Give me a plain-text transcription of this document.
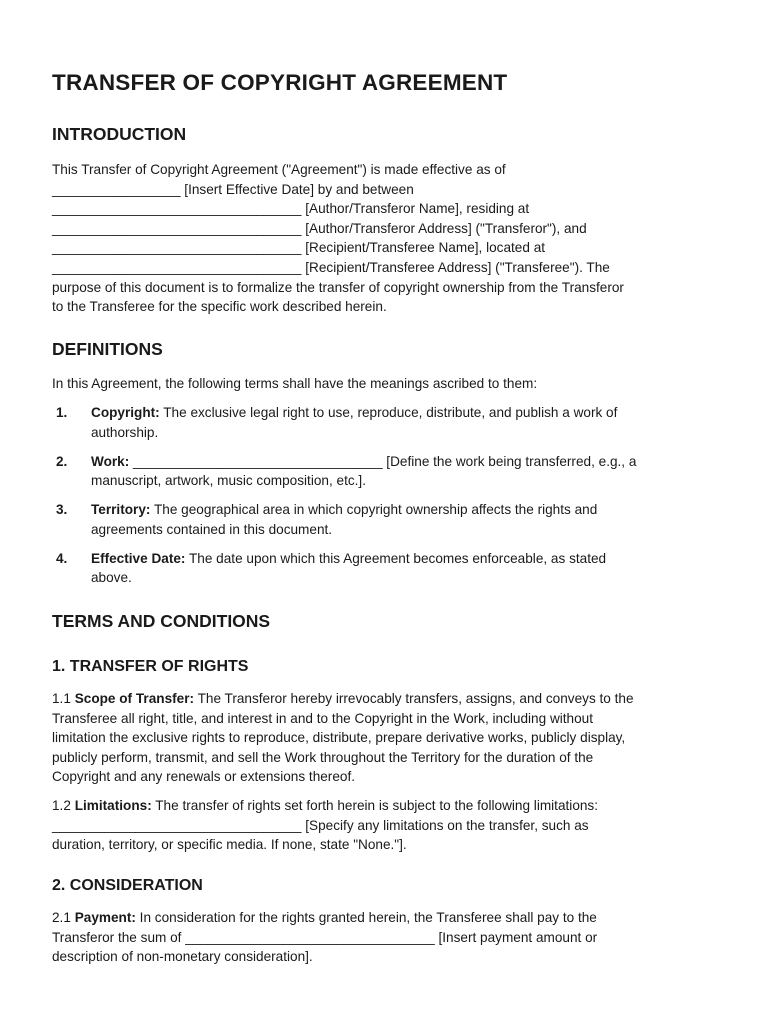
TRANSFER OF COPYRIGHT AGREEMENT
INTRODUCTION

This Transfer of Copyright Agreement ("Agreement") is made effective as of
_________________ [Insert Effective Date] by and between
_________________________________ [Author/Transferor Name], residing at
_________________________________ [Author/Transferor Address] ("Transferor"), and
_________________________________ [Recipient/Transferee Name], located at
_________________________________ [Recipient/Transferee Address] ("Transferee"). The
purpose of this document is to formalize the transfer of copyright ownership from the Transferor
to the Transferee for the specific work described herein.

DEFINITIONS

In this Agreement, the following terms shall have the meanings ascribed to them:

1. Copyright: The exclusive legal right to use, reproduce, distribute, and publish a work of
authorship.
2. Work: _________________________________ [Define the work being transferred, e.g., a
manuscript, artwork, music composition, etc.].
3. Territory: The geographical area in which copyright ownership affects the rights and
agreements contained in this document.
4. Effective Date: The date upon which this Agreement becomes enforceable, as stated
above.
TERMS AND CONDITIONS
1. TRANSFER OF RIGHTS

1.1 Scope of Transfer: The Transferor hereby irrevocably transfers, assigns, and conveys to the
Transferee all right, title, and interest in and to the Copyright in the Work, including without
limitation the exclusive rights to reproduce, distribute, prepare derivative works, publicly display,
publicly perform, transmit, and sell the Work throughout the Territory for the duration of the
Copyright and any renewals or extensions thereof.

1.2 Limitations: The transfer of rights set forth herein is subject to the following limitations:
_________________________________ [Specify any limitations on the transfer, such as
duration, territory, or specific media. If none, state "None."].

2. CONSIDERATION

2.1 Payment: In consideration for the rights granted herein, the Transferee shall pay to the
Transferor the sum of _________________________________ [Insert payment amount or
description of non-monetary consideration].
